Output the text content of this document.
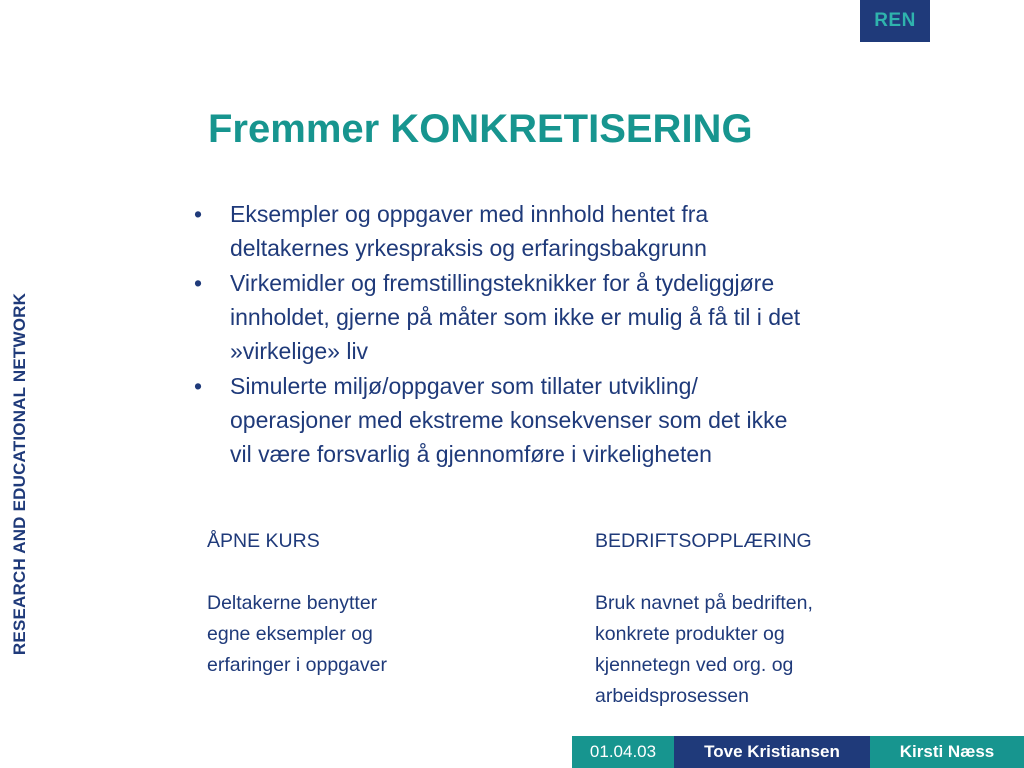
REN
RESEARCH AND EDUCATIONAL NETWORK
Fremmer KONKRETISERING
• Eksempler og oppgaver med innhold hentet fra
deltakernes yrkespraksis og erfaringsbakgrunn
• Virkemidler og fremstillingsteknikker for å tydeliggjøre
innholdet, gjerne på måter som ikke er mulig å få til i det
»virkelige» liv
• Simulerte miljø/oppgaver som tillater utvikling/
operasjoner med ekstreme konsekvenser som det ikke
vil være forsvarlig å gjennomføre i virkeligheten
ÅPNE KURS
Deltakerne benytter
egne eksempler og
erfaringer i oppgaver
BEDRIFTSOPPLÆRING
Bruk navnet på bedriften,
konkrete produkter og
kjennetegn ved org. og
arbeidsprosessen
01.04.03	Tove Kristiansen	Kirsti Næss
